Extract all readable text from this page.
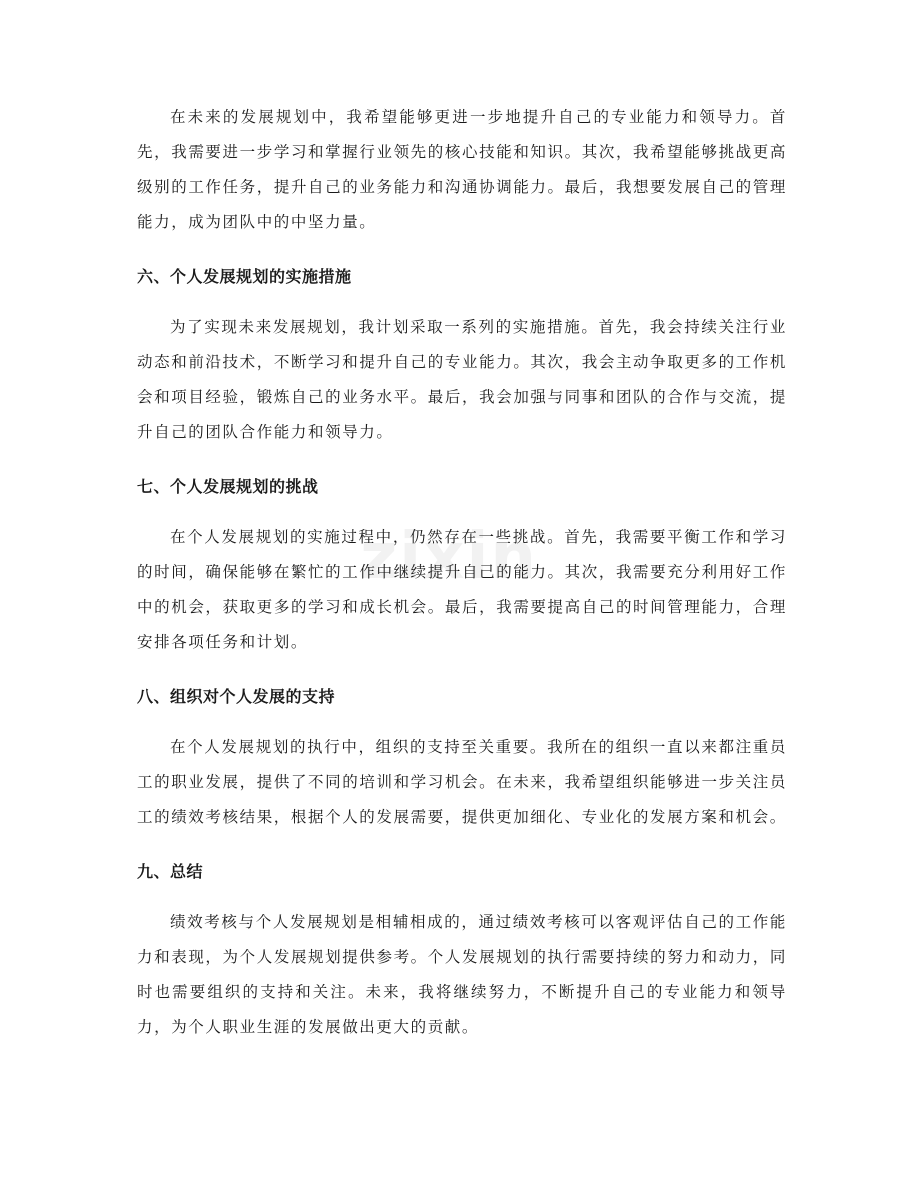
zixin

在未来的发展规划中，我希望能够更进一步地提升自己的专业能力和领导力。首先，我需要进一步学习和掌握行业领先的核心技能和知识。其次，我希望能够挑战更高级别的工作任务，提升自己的业务能力和沟通协调能力。最后，我想要发展自己的管理能力，成为团队中的中坚力量。

六、个人发展规划的实施措施

为了实现未来发展规划，我计划采取一系列的实施措施。首先，我会持续关注行业动态和前沿技术，不断学习和提升自己的专业能力。其次，我会主动争取更多的工作机会和项目经验，锻炼自己的业务水平。最后，我会加强与同事和团队的合作与交流，提升自己的团队合作能力和领导力。

七、个人发展规划的挑战

在个人发展规划的实施过程中，仍然存在一些挑战。首先，我需要平衡工作和学习的时间，确保能够在繁忙的工作中继续提升自己的能力。其次，我需要充分利用好工作中的机会，获取更多的学习和成长机会。最后，我需要提高自己的时间管理能力，合理安排各项任务和计划。

八、组织对个人发展的支持

在个人发展规划的执行中，组织的支持至关重要。我所在的组织一直以来都注重员工的职业发展，提供了不同的培训和学习机会。在未来，我希望组织能够进一步关注员工的绩效考核结果，根据个人的发展需要，提供更加细化、专业化的发展方案和机会。

九、总结

绩效考核与个人发展规划是相辅相成的，通过绩效考核可以客观评估自己的工作能力和表现，为个人发展规划提供参考。个人发展规划的执行需要持续的努力和动力，同时也需要组织的支持和关注。未来，我将继续努力，不断提升自己的专业能力和领导力，为个人职业生涯的发展做出更大的贡献。
